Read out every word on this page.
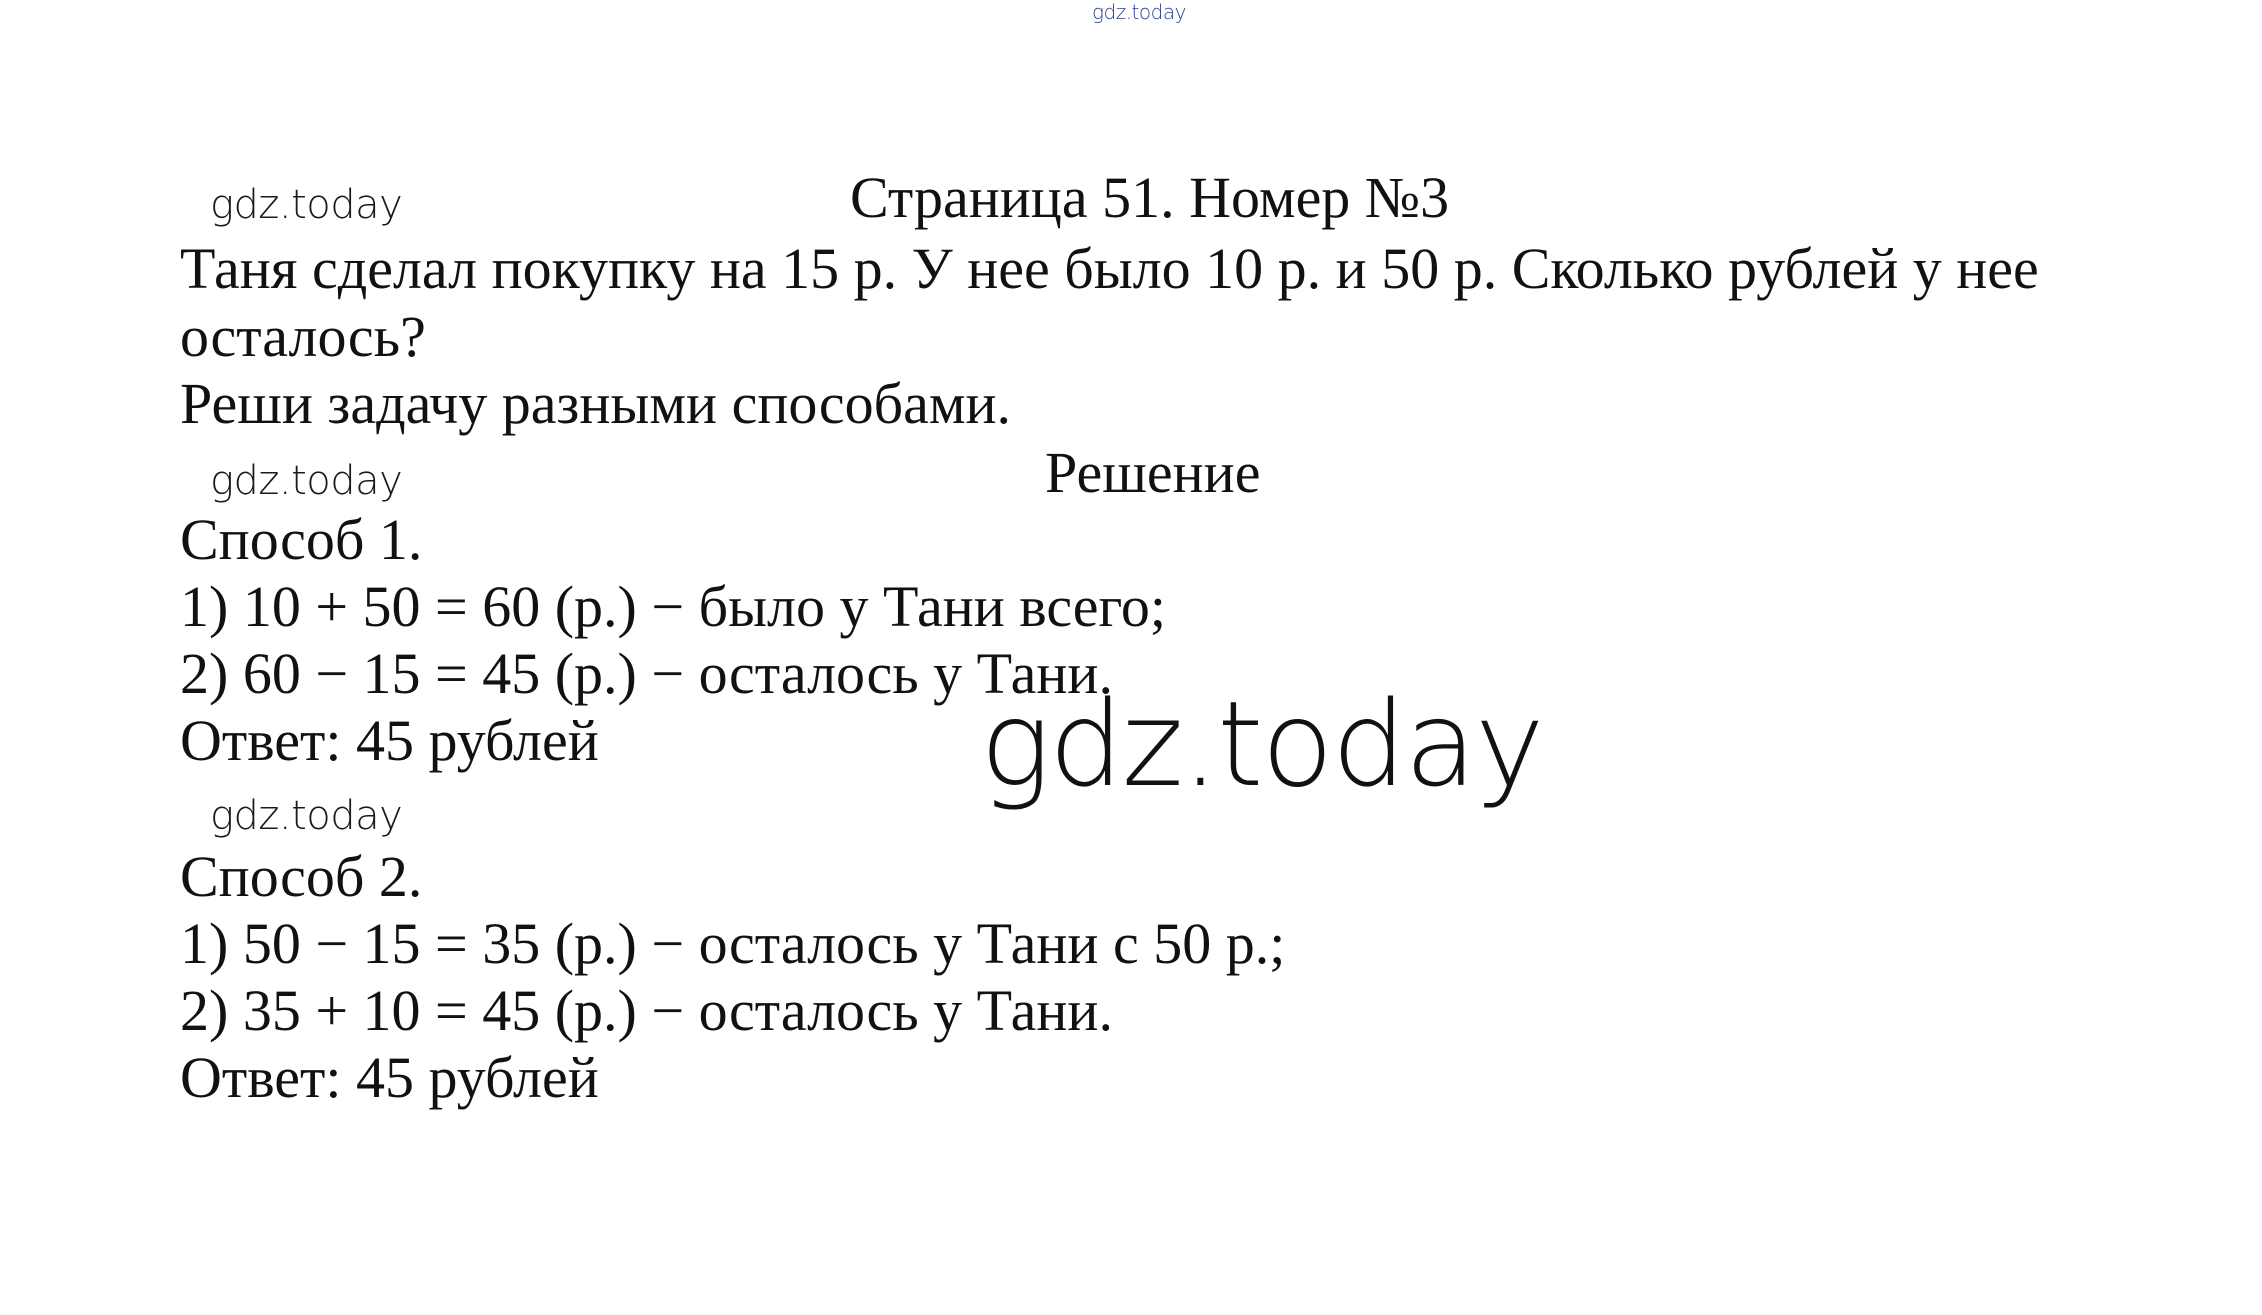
gdz.today
gdz.today	Страница 51. Номер №3
Таня сделал покупку на 15 р. У нее было 10 р. и 50 р. Сколько рублей у нее
осталось?
Реши задачу разными способами.
gdz.today	Решение
Способ 1.
1) 10 + 50 = 60 (р.) − было у Тани всего;
2) 60 − 15 = 45 (р.) − осталось у Тани.
Ответ: 45 рублей	gdz.today
gdz.today
Способ 2.
1) 50 − 15 = 35 (р.) − осталось у Тани с 50 р.;
2) 35 + 10 = 45 (р.) − осталось у Тани.
Ответ: 45 рублей
